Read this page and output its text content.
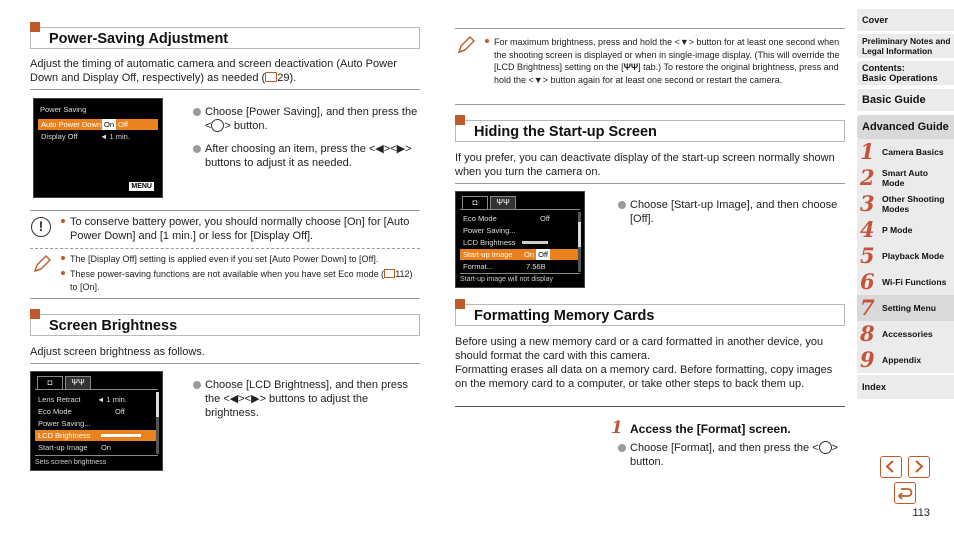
Power-Saving Adjustment
Adjust the timing of automatic camera and screen deactivation (Auto Power Down and Display Off, respectively) as needed ( 29).
Power Saving
Auto Power Down On Off
Display Off	◄ 1 min.
MENU
Choose [Power Saving], and then press the < > button.
After choosing an item, press the <◀><▶> buttons to adjust it as needed.
!	To conserve battery power, you should normally choose [On] for [Auto Power Down] and [1 min.] or less for [Display Off].
The [Display Off] setting is applied even if you set [Auto Power Down] to [Off].
These power-saving functions are not available when you have set Eco mode ( 112) to [On].
Screen Brightness
Adjust screen brightness as follows.
◘	ΨΨ
Lens Retract ◄ 1 min.
Eco Mode	Off
Power Saving...
LCD Brightness
Start-up Image On
Sets screen brightness
Choose [LCD Brightness], and then press the <◀><▶> buttons to adjust the brightness.
For maximum brightness, press and hold the <▼> button for at least one second when the shooting screen is displayed or when in single-image display. (This will override the [LCD Brightness] setting on the [ΨΨ] tab.) To restore the original brightness, press and hold the <▼> button again for at least one second or restart the camera.
Hiding the Start-up Screen
If you prefer, you can deactivate display of the start-up screen normally shown when you turn the camera on.
◘	ΨΨ
Eco Mode	Off
Power Saving...
LCD Brightness
Start-up Image On Off
Format...	7.56B
Start-up image will not display
Choose [Start-up Image], and then choose [Off].
Formatting Memory Cards
Before using a new memory card or a card formatted in another device, you should format the card with this camera.
Formatting erases all data on a memory card. Before formatting, copy images on the memory card to a computer, or take other steps to back them up.
1 Access the [Format] screen.
Choose [Format], and then press the < > button.
Cover
Preliminary Notes and
Legal Information
Contents:
Basic Operations
Basic Guide
Advanced Guide
1 Camera Basics
2 Smart Auto
Mode
3 Other Shooting
Modes
4 P Mode
5 Playback Mode
6 Wi-Fi Functions
7 Setting Menu
8 Accessories
9 Appendix
Index
113
